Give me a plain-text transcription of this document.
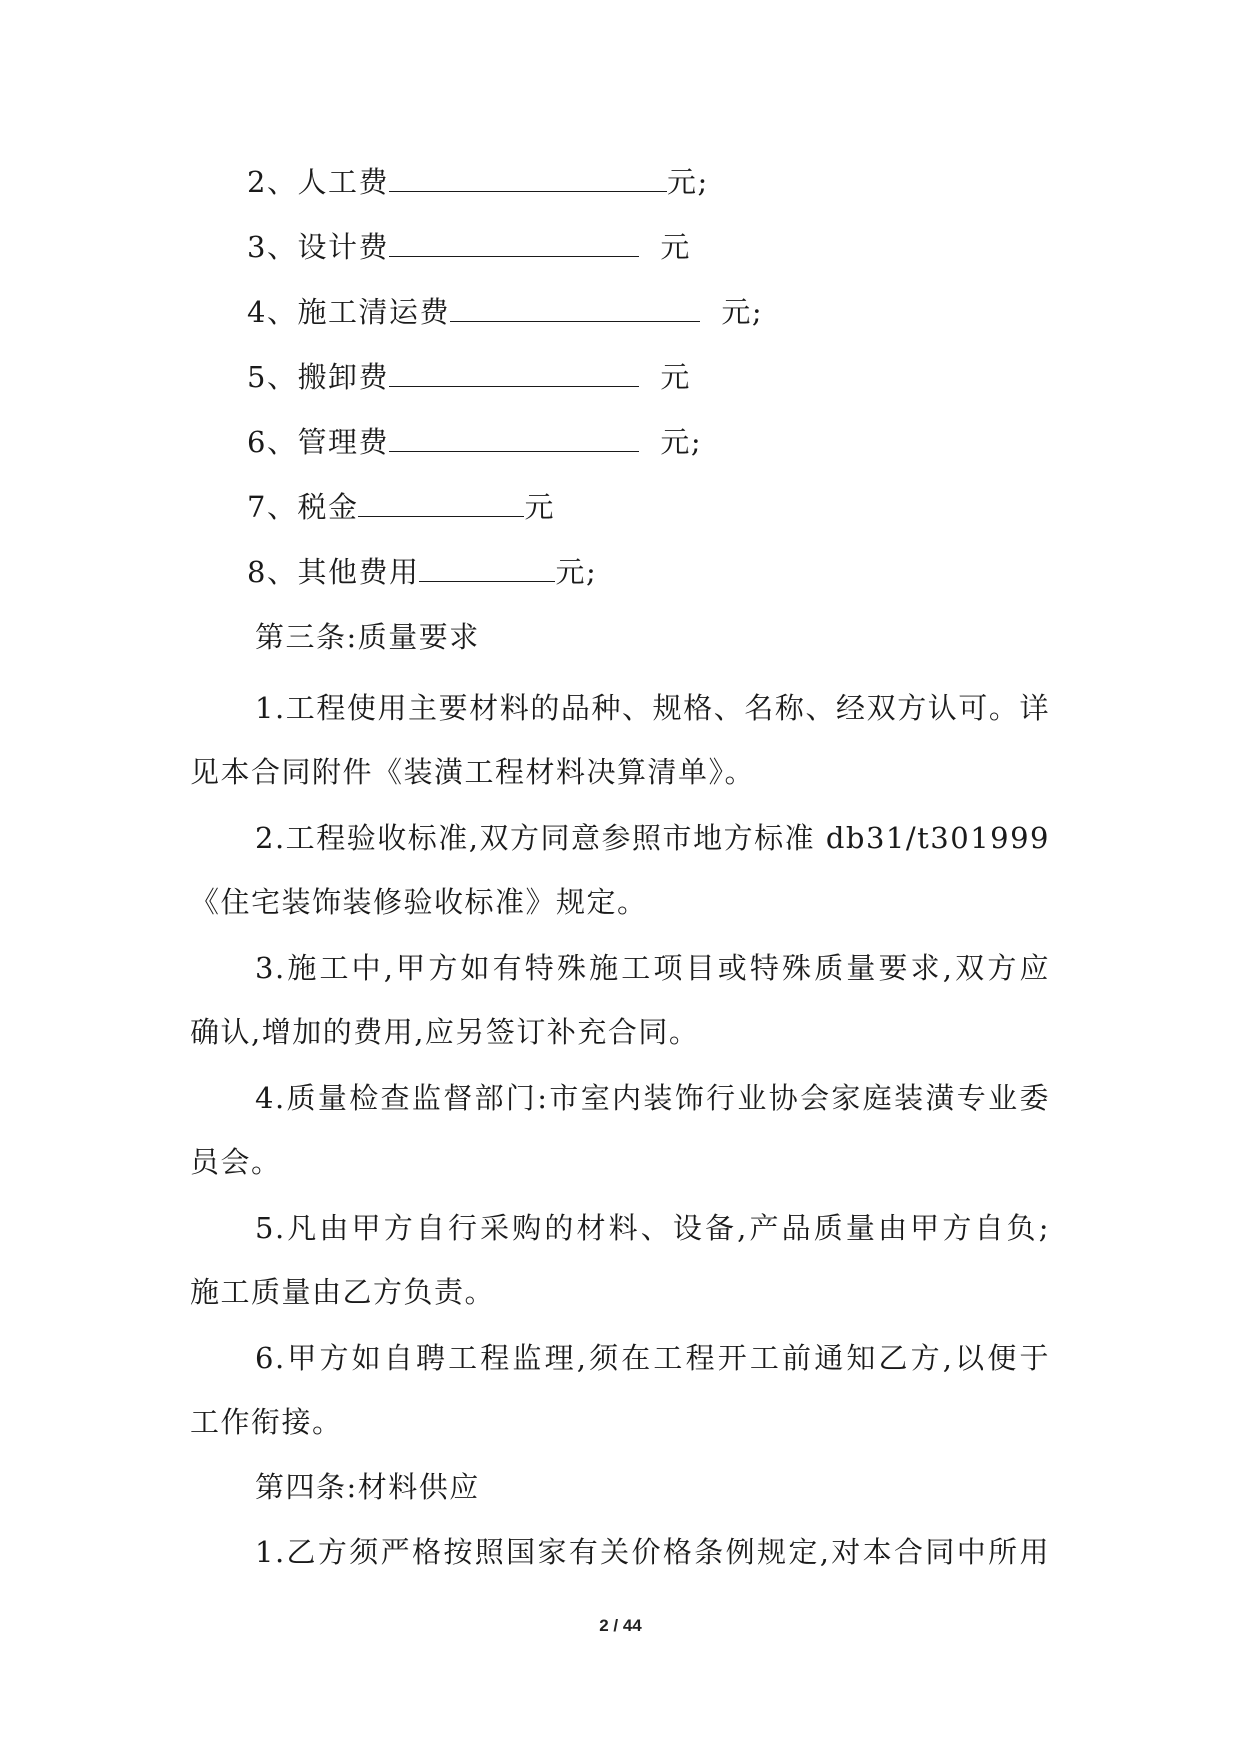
2、人工费	元;
3、设计费	元
4、施工清运费	元;
5、搬卸费	元
6、管理费	元;
7、税金	元
8、其他费用	元;
第三条:质量要求
1.工程使用主要材料的品种、规格、名称、经双方认可。详
见本合同附件《装潢工程材料决算清单》。
2.工程验收标准,双方同意参照市地方标准 db31/t301999
《住宅装饰装修验收标准》规定。
3.施工中,甲方如有特殊施工项目或特殊质量要求,双方应
确认,增加的费用,应另签订补充合同。
4.质量检查监督部门:市室内装饰行业协会家庭装潢专业委
员会。
5.凡由甲方自行采购的材料、设备,产品质量由甲方自负;
施工质量由乙方负责。
6.甲方如自聘工程监理,须在工程开工前通知乙方,以便于
工作衔接。
第四条:材料供应
1.乙方须严格按照国家有关价格条例规定,对本合同中所用
2 / 44
